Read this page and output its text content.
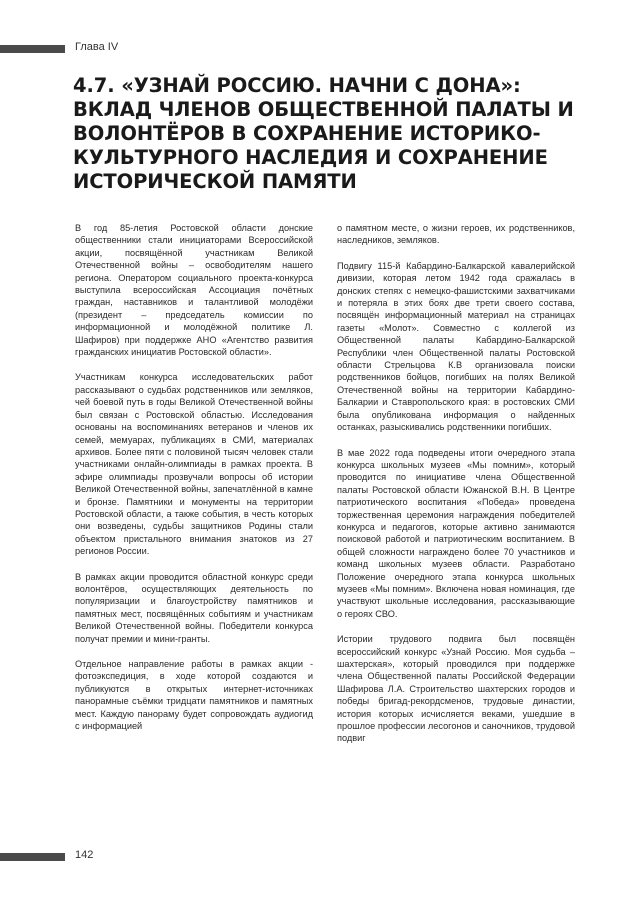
Глава IV
4.7. «УЗНАЙ РОССИЮ. НАЧНИ С ДОНА»: ВКЛАД ЧЛЕНОВ ОБЩЕСТВЕННОЙ ПАЛАТЫ И ВОЛОНТЁРОВ В СОХРАНЕНИЕ ИСТОРИКО-КУЛЬТУРНОГО НАСЛЕДИЯ И СОХРАНЕНИЕ ИСТОРИЧЕСКОЙ ПАМЯТИ

В год 85-летия Ростовской области донские общественники стали инициаторами Всероссийской акции, посвящённой участникам Великой Отечественной войны – освободителям нашего региона. Оператором социального проекта-конкурса выступила всероссийская Ассоциация почётных граждан, наставников и талантливой молодёжи (президент – председатель комиссии по информационной и молодёжной политике Л. Шафиров) при поддержке АНО «Агентство развития гражданских инициатив Ростовской области».

Участникам конкурса исследовательских работ рассказывают о судьбах родственников или земляков, чей боевой путь в годы Великой Отечественной войны был связан с Ростовской областью. Исследования основаны на воспоминаниях ветеранов и членов их семей, мемуарах, публикациях в СМИ, материалах архивов. Более пяти с половиной тысяч человек стали участниками онлайн-олимпиады в рамках проекта. В эфире олимпиады прозвучали вопросы об истории Великой Отечественной войны, запечатлённой в камне и бронзе. Памятники и монументы на территории Ростовской области, а также события, в честь которых они возведены, судьбы защитников Родины стали объектом пристального внимания знатоков из 27 регионов России.

В рамках акции проводится областной конкурс среди волонтёров, осуществляющих деятельность по популяризации и благоустройству памятников и памятных мест, посвящённых событиям и участникам Великой Отечественной войны. Победители конкурса получат премии и мини-гранты.

Отдельное направление работы в рамках акции - фотоэкспедиция, в ходе которой создаются и публикуются в открытых интернет-источниках панорамные съёмки тридцати памятников и памятных мест. Каждую панораму будет сопровождать аудиогид с информацией

о памятном месте, о жизни героев, их родственников, наследников, земляков.

Подвигу 115-й Кабардино-Балкарской кавалерийской дивизии, которая летом 1942 года сражалась в донских степях с немецко-фашистскими захватчиками и потеряла в этих боях две трети своего состава, посвящён информационный материал на страницах газеты «Молот». Совместно с коллегой из Общественной палаты Кабардино-Балкарской Республики член Общественной палаты Ростовской области Стрельцова К.В организовала поиски родственников бойцов, погибших на полях Великой Отечественной войны на территории Кабардино-Балкарии и Ставропольского края: в ростовских СМИ была опубликована информация о найденных останках, разыскивались родственники погибших.

В мае 2022 года подведены итоги очередного этапа конкурса школьных музеев «Мы помним», который проводится по инициативе члена Общественной палаты Ростовской области Южанской В.Н. В Центре патриотического воспитания «Победа» проведена торжественная церемония награждения победителей конкурса и педагогов, которые активно занимаются поисковой работой и патриотическим воспитанием. В общей сложности награждено более 70 участников и команд школьных музеев области. Разработано Положение очередного этапа конкурса школьных музеев «Мы помним». Включена новая номинация, где участвуют школьные исследования, рассказывающие о героях СВО.

Истории трудового подвига был посвящён всероссийский конкурс «Узнай Россию. Моя судьба – шахтерская», который проводился при поддержке члена Общественной палаты Российской Федерации Шафирова Л.А. Строительство шахтерских городов и победы бригад-рекордсменов, трудовые династии, история которых исчисляется веками, ушедшие в прошлое профессии лесогонов и саночников, трудовой подвиг

142
